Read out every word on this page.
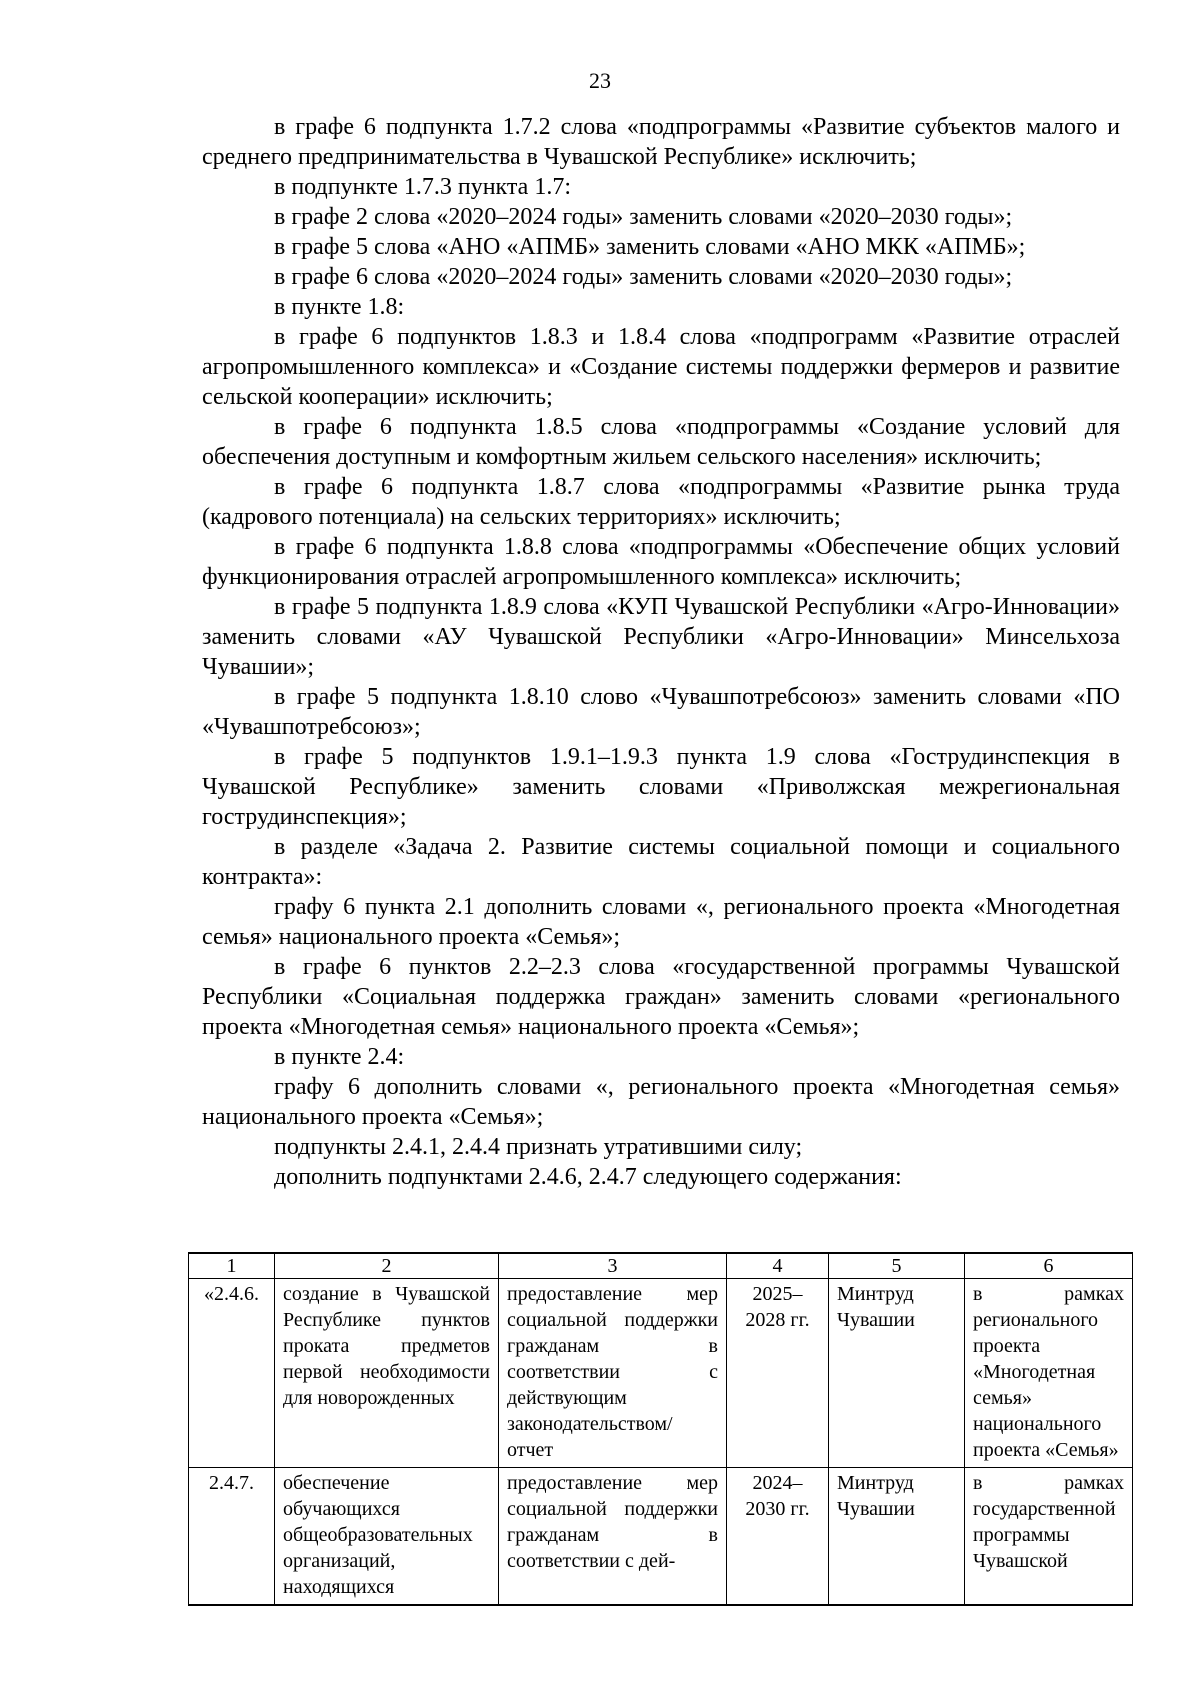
23

в графе 6 подпункта 1.7.2 слова «подпрограммы «Развитие субъектов малого и среднего предпринимательства в Чувашской Республике» исключить;

в подпункте 1.7.3 пункта 1.7:

в графе 2 слова «2020–2024 годы» заменить словами «2020–2030 годы»;

в графе 5 слова «АНО «АПМБ» заменить словами «АНО МКК «АПМБ»;

в графе 6 слова «2020–2024 годы» заменить словами «2020–2030 годы»;

в пункте 1.8:

в графе 6 подпунктов 1.8.3 и 1.8.4 слова «подпрограмм «Развитие отраслей агропромышленного комплекса» и «Создание системы поддержки фермеров и развитие сельской кооперации» исключить;

в графе 6 подпункта 1.8.5 слова «подпрограммы «Создание условий для обеспечения доступным и комфортным жильем сельского населения» исключить;

в графе 6 подпункта 1.8.7 слова «подпрограммы «Развитие рынка труда (кадрового потенциала) на сельских территориях» исключить;

в графе 6 подпункта 1.8.8 слова «подпрограммы «Обеспечение общих условий функционирования отраслей агропромышленного комплекса» исключить;

в графе 5 подпункта 1.8.9 слова «КУП Чувашской Республики «Агро-Инновации» заменить словами «АУ Чувашской Республики «Агро-Инновации» Минсельхоза Чувашии»;

в графе 5 подпункта 1.8.10 слово «Чувашпотребсоюз» заменить словами «ПО «Чувашпотребсоюз»;

в графе 5 подпунктов 1.9.1–1.9.3 пункта 1.9 слова «Гострудинспекция в Чувашской Республике» заменить словами «Приволжская межрегиональная гострудинспекция»;

в разделе «Задача 2. Развитие системы социальной помощи и социального контракта»:

графу 6 пункта 2.1 дополнить словами «, регионального проекта «Многодетная семья» национального проекта «Семья»;

в графе 6 пунктов 2.2–2.3 слова «государственной программы Чувашской Республики «Социальная поддержка граждан» заменить словами «регионального проекта «Многодетная семья» национального проекта «Семья»;

в пункте 2.4:

графу 6 дополнить словами «, регионального проекта «Многодетная семья» национального проекта «Семья»;

подпункты 2.4.1, 2.4.4 признать утратившими силу;

дополнить подпунктами 2.4.6, 2.4.7 следующего содержания:

1	2	3	4	5	6
«2.4.6.	создание в Чувашской Республике пунктов проката предметов первой необходимости для новорожденных	предоставление мер социальной поддержки гражданам в соответствии с действующим законодательством/отчет	2025–2028 гг.	Минтруд Чувашии	в рамках регионального проекта «Многодетная семья» национального проекта «Семья»
2.4.7.	обеспечение обучающихся общеобразовательных организаций, находящихся	предоставление мер социальной поддержки гражданам в соответствии с дей-	2024–2030 гг.	Минтруд Чувашии	в рамках государственной программы Чувашской
